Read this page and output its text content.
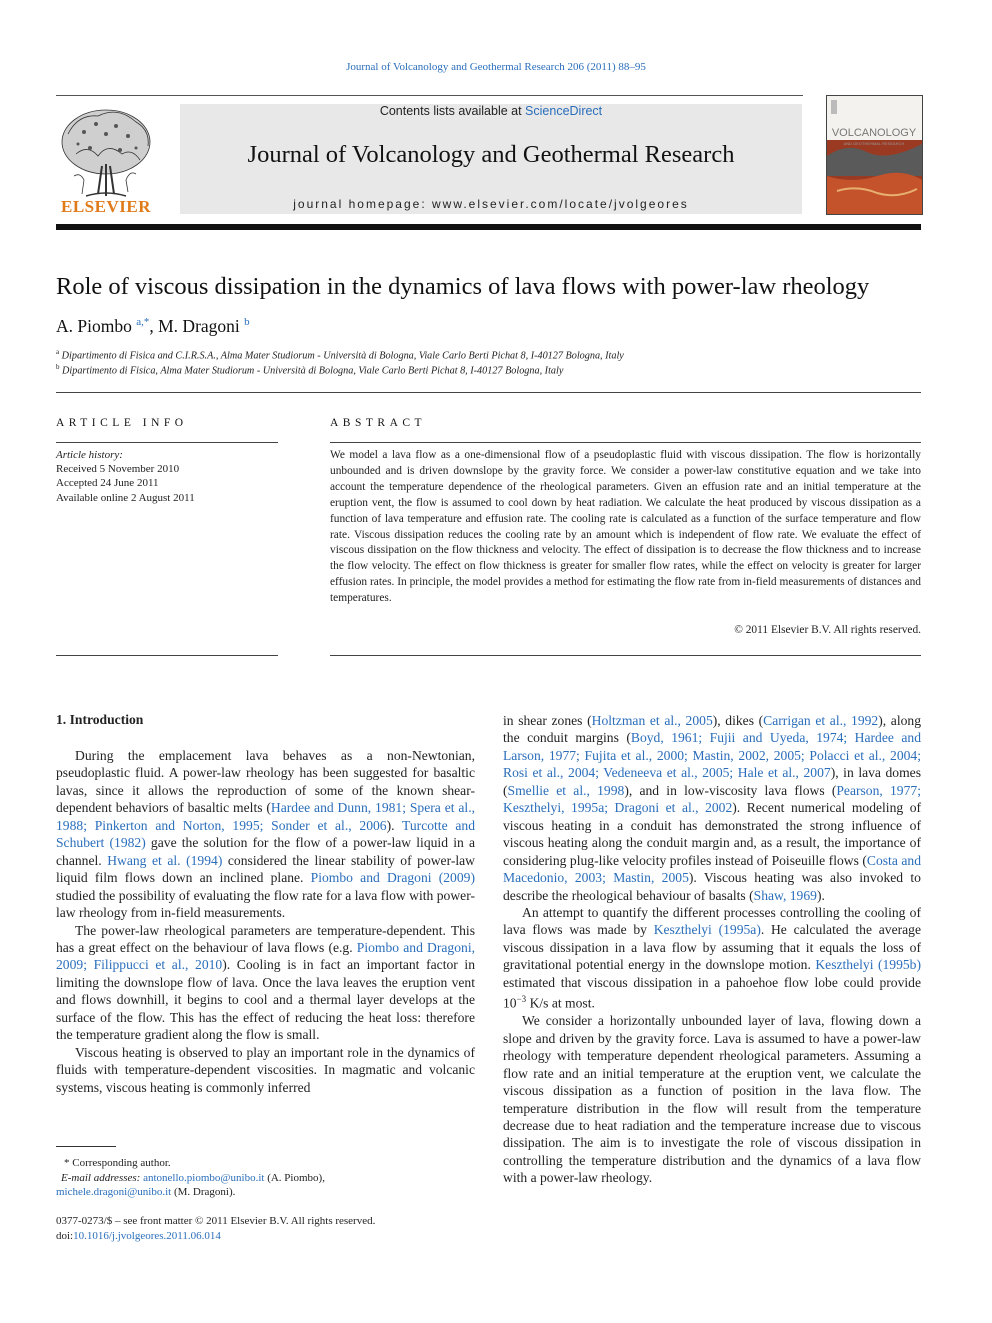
Journal of Volcanology and Geothermal Research 206 (2011) 88–95
ELSEVIER
Contents lists available at ScienceDirect
Journal of Volcanology and Geothermal Research
journal homepage: www.elsevier.com/locate/jvolgeores
VOLCANOLOGY
AND GEOTHERMAL RESEARCH
Role of viscous dissipation in the dynamics of lava flows with power-law rheology
A. Piombo $^{a,*}$, M. Dragoni $^b$
$^a$ Dipartimento di Fisica and C.I.R.S.A., Alma Mater Studiorum - Università di Bologna, Viale Carlo Berti Pichat 8, I-40127 Bologna, Italy
$^b$ Dipartimento di Fisica, Alma Mater Studiorum - Università di Bologna, Viale Carlo Berti Pichat 8, I-40127 Bologna, Italy
ARTICLE INFO
Article history:
Received 5 November 2010
Accepted 24 June 2011
Available online 2 August 2011
ABSTRACT
We model a lava flow as a one-dimensional flow of a pseudoplastic fluid with viscous dissipation. The flow is horizontally unbounded and is driven downslope by the gravity force. We consider a power-law constitutive equation and we take into account the temperature dependence of the rheological parameters. Given an effusion rate and an initial temperature at the eruption vent, the flow is assumed to cool down by heat radiation. We calculate the heat produced by viscous dissipation as a function of lava temperature and effusion rate. The cooling rate is calculated as a function of the surface temperature and flow rate. Viscous dissipation reduces the cooling rate by an amount which is independent of flow rate. We evaluate the effect of viscous dissipation on the flow thickness and velocity. The effect of dissipation is to decrease the flow thickness and to increase the flow velocity. The effect on flow thickness is greater for smaller flow rates, while the effect on velocity is greater for larger effusion rates. In principle, the model provides a method for estimating the flow rate from in-field measurements of distances and temperatures.
© 2011 Elsevier B.V. All rights reserved.
1. Introduction

During the emplacement lava behaves as a non-Newtonian, pseudoplastic fluid. A power-law rheology has been suggested for basaltic lavas, since it allows the reproduction of some of the known shear-dependent behaviors of basaltic melts (Hardee and Dunn, 1981; Spera et al., 1988; Pinkerton and Norton, 1995; Sonder et al., 2006). Turcotte and Schubert (1982) gave the solution for the flow of a power-law liquid in a channel. Hwang et al. (1994) considered the linear stability of power-law liquid film flows down an inclined plane. Piombo and Dragoni (2009) studied the possibility of evaluating the flow rate for a lava flow with power-law rheology from in-field measurements.

The power-law rheological parameters are temperature-dependent. This has a great effect on the behaviour of lava flows (e.g. Piombo and Dragoni, 2009; Filippucci et al., 2010). Cooling is in fact an important factor in limiting the downslope flow of lava. Once the lava leaves the eruption vent and flows downhill, it begins to cool and a thermal layer develops at the surface of the flow. This has the effect of reducing the heat loss: therefore the temperature gradient along the flow is small.

Viscous heating is observed to play an important role in the dynamics of fluids with temperature-dependent viscosities. In magmatic and volcanic systems, viscous heating is commonly inferred

in shear zones (Holtzman et al., 2005), dikes (Carrigan et al., 1992), along the conduit margins (Boyd, 1961; Fujii and Uyeda, 1974; Hardee and Larson, 1977; Fujita et al., 2000; Mastin, 2002, 2005; Polacci et al., 2004; Rosi et al., 2004; Vedeneeva et al., 2005; Hale et al., 2007), in lava domes (Smellie et al., 1998), and in low-viscosity lava flows (Pearson, 1977; Keszthelyi, 1995a; Dragoni et al., 2002). Recent numerical modeling of viscous heating in a conduit has demonstrated the strong influence of viscous heating along the conduit margin and, as a result, the importance of considering plug-like velocity profiles instead of Poiseuille flows (Costa and Macedonio, 2003; Mastin, 2005). Viscous heating was also invoked to describe the rheological behaviour of basalts (Shaw, 1969).

An attempt to quantify the different processes controlling the cooling of lava flows was made by Keszthelyi (1995a). He calculated the average viscous dissipation in a lava flow by assuming that it equals the loss of gravitational potential energy in the downslope motion. Keszthelyi (1995b) estimated that viscous dissipation in a pahoehoe flow lobe could provide $10^{-3}$ K/s at most.

We consider a horizontally unbounded layer of lava, flowing down a slope and driven by the gravity force. Lava is assumed to have a power-law rheology with temperature dependent rheological parameters. Assuming a flow rate and an initial temperature at the eruption vent, we calculate the viscous dissipation as a function of position in the lava flow. The temperature distribution in the flow will result from the temperature decrease due to heat radiation and the temperature increase due to viscous dissipation. The aim is to investigate the role of viscous dissipation in controlling the temperature distribution and the dynamics of a lava flow with a power-law rheology.

* Corresponding author.
E-mail addresses: antonello.piombo@unibo.it (A. Piombo),
michele.dragoni@unibo.it (M. Dragoni).
0377-0273/$ – see front matter © 2011 Elsevier B.V. All rights reserved.
doi:10.1016/j.jvolgeores.2011.06.014
